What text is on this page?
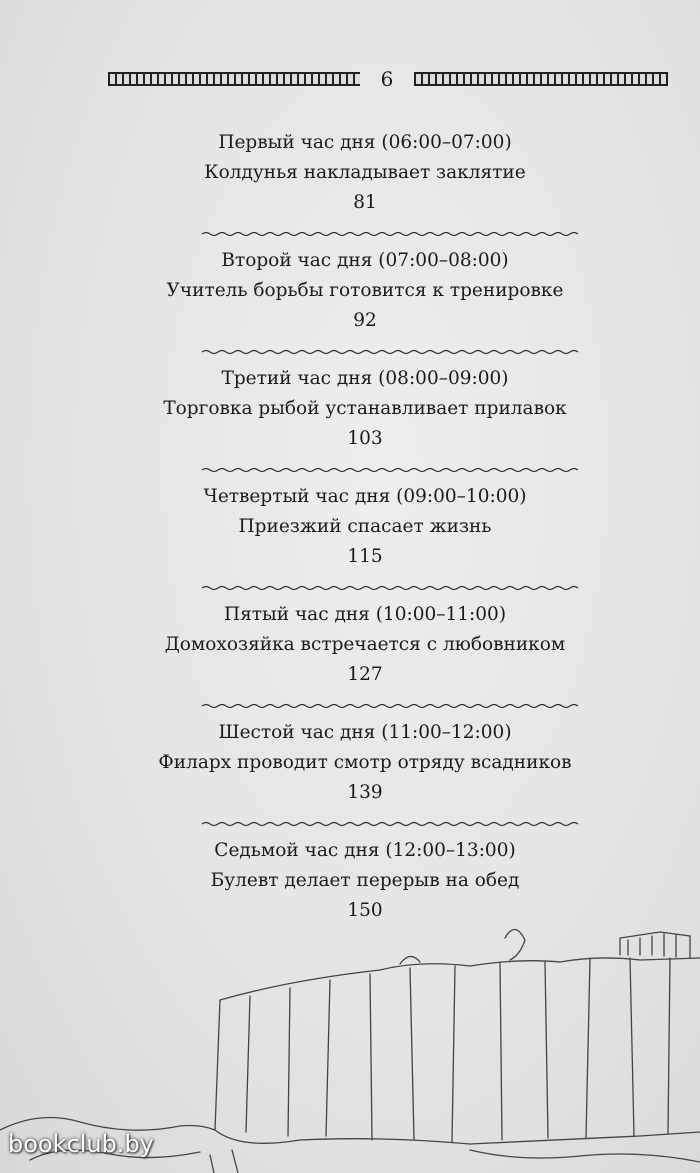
6
Первый час дня (06:00–07:00)
Колдунья накладывает заклятие
81
Второй час дня (07:00–08:00)
Учитель борьбы готовится к тренировке
92
Третий час дня (08:00–09:00)
Торговка рыбой устанавливает прилавок
103
Четвертый час дня (09:00–10:00)
Приезжий спасает жизнь
115
Пятый час дня (10:00–11:00)
Домохозяйка встречается с любовником
127
Шестой час дня (11:00–12:00)
Филарх проводит смотр отряду всадников
139
Седьмой час дня (12:00–13:00)
Булевт делает перерыв на обед
150
bookclub.by
